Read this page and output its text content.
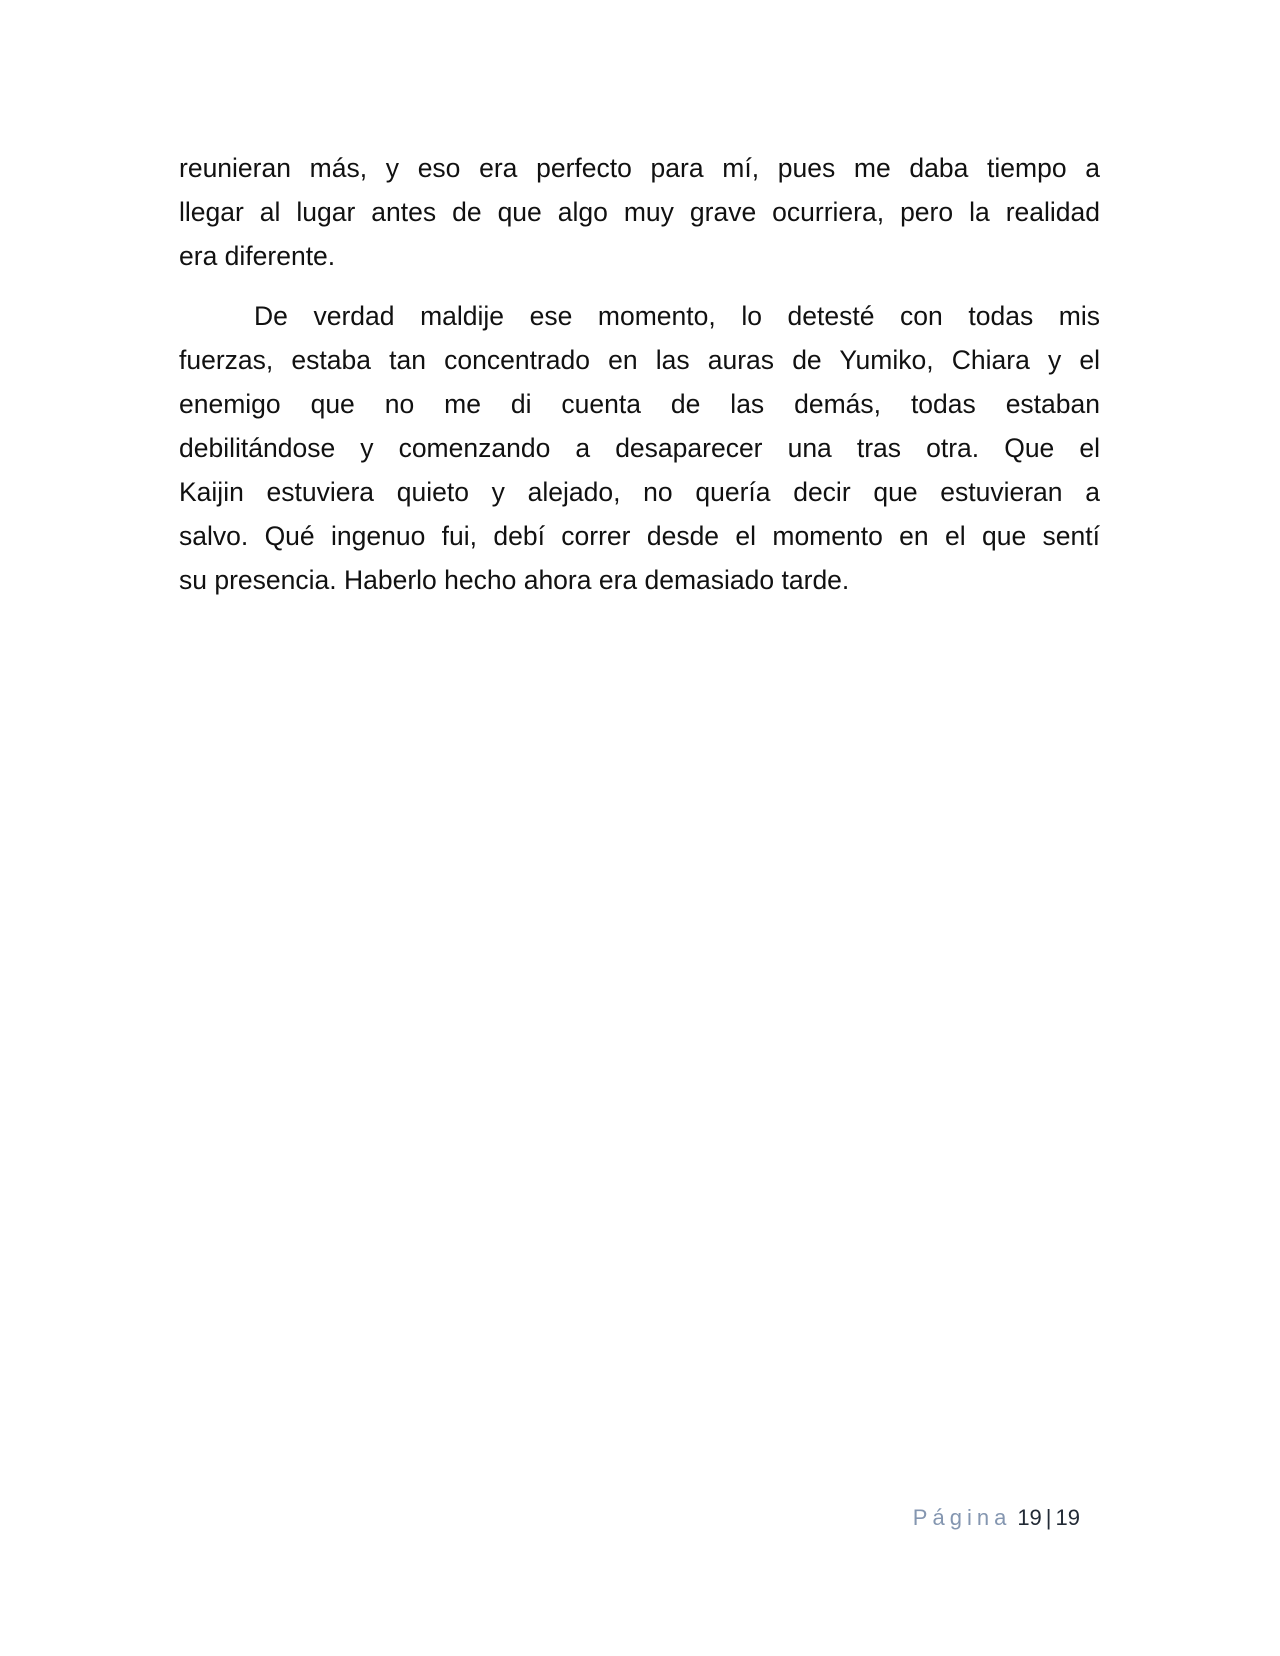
reunieran más, y eso era perfecto para mí, pues me daba tiempo a
llegar al lugar antes de que algo muy grave ocurriera, pero la realidad
era diferente.

De verdad maldije ese momento, lo detesté con todas mis
fuerzas, estaba tan concentrado en las auras de Yumiko, Chiara y el
enemigo que no me di cuenta de las demás, todas estaban
debilitándose y comenzando a desaparecer una tras otra. Que el
Kaijin estuviera quieto y alejado, no quería decir que estuvieran a
salvo. Qué ingenuo fui, debí correr desde el momento en el que sentí
su presencia. Haberlo hecho ahora era demasiado tarde.

Página 19 | 19
